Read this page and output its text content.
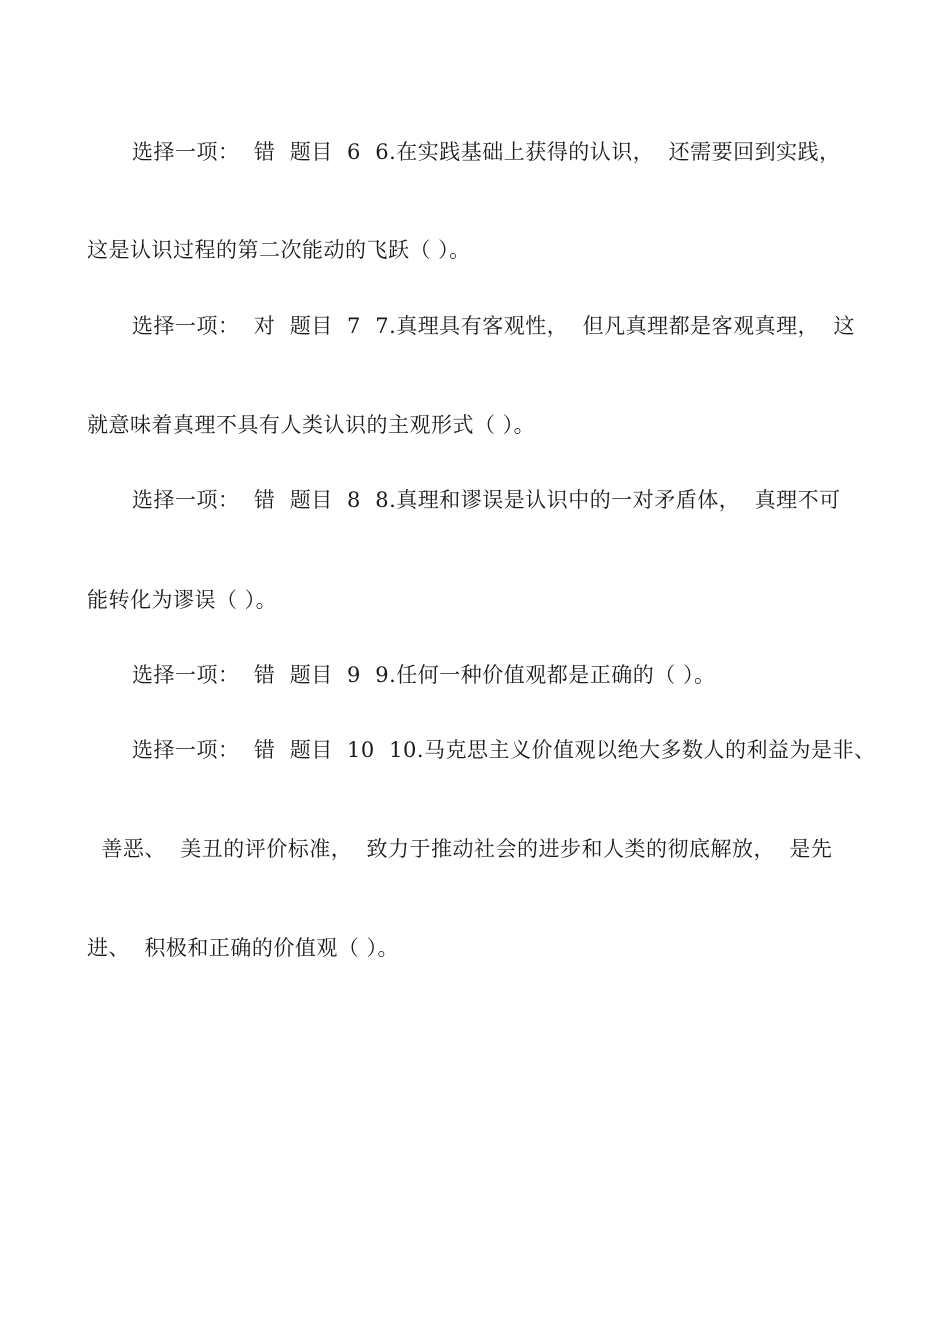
选择一项：  错  题目  6  6.在实践基础上获得的认识，  还需要回到实践，
这是认识过程的第二次能动的飞跃（ ）。
选择一项：  对  题目  7  7.真理具有客观性，  但凡真理都是客观真理，  这
就意味着真理不具有人类认识的主观形式（ ）。
选择一项：  错  题目  8  8.真理和谬误是认识中的一对矛盾体，  真理不可
能转化为谬误（ ）。
选择一项：  错  题目  9  9.任何一种价值观都是正确的（ ）。
选择一项：  错  题目  10  10.马克思主义价值观以绝大多数人的利益为是非、
善恶、  美丑的评价标准，  致力于推动社会的进步和人类的彻底解放，  是先
进、  积极和正确的价值观（ ）。
